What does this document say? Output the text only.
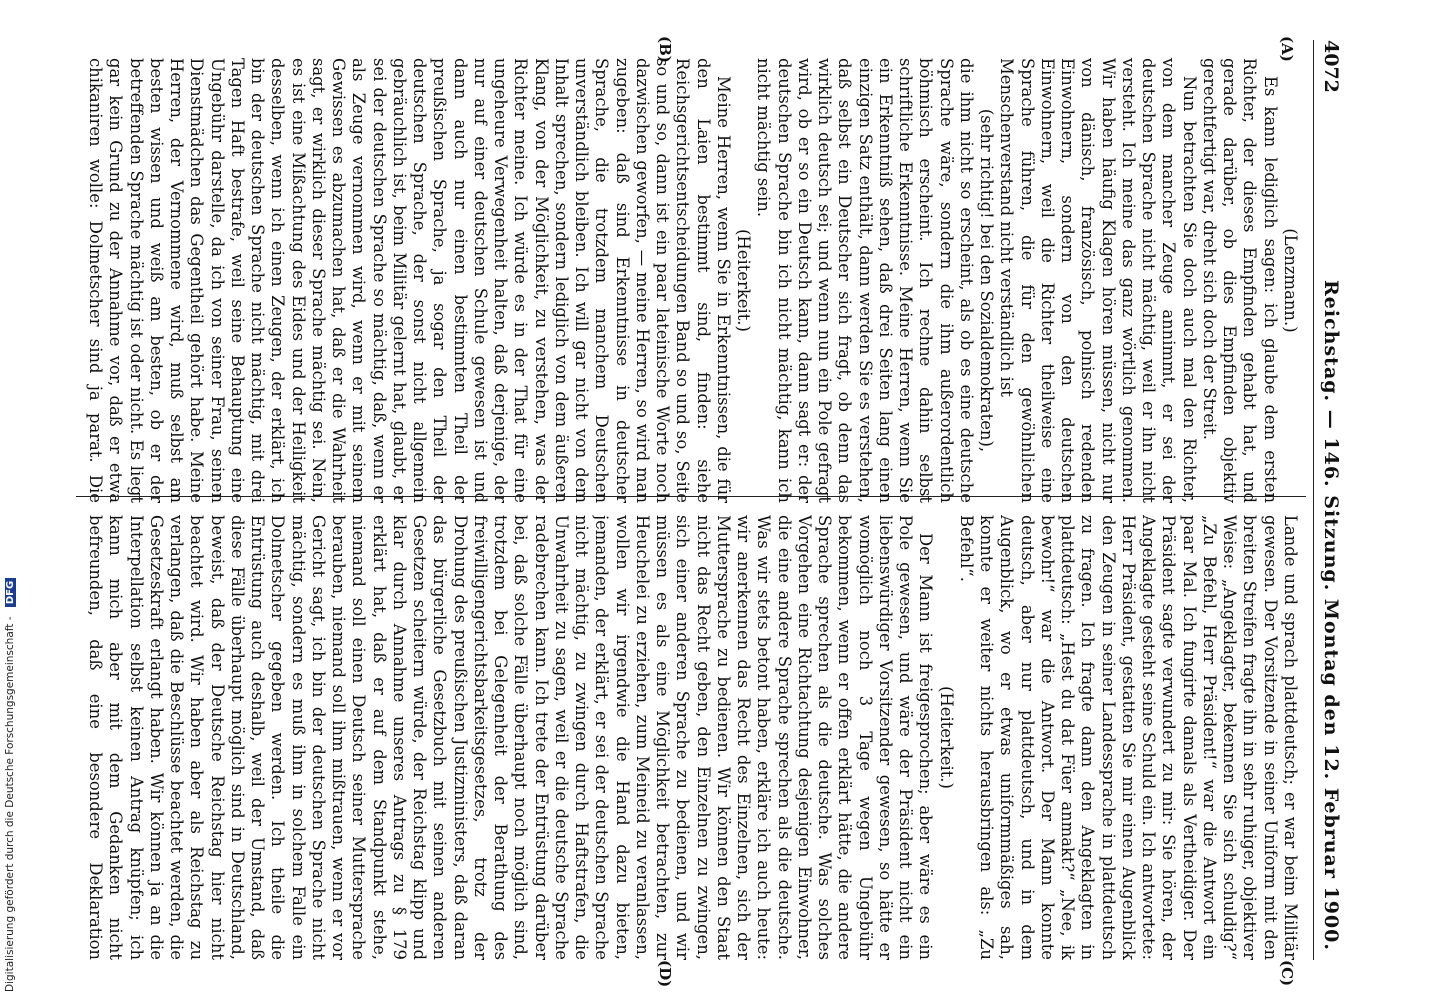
4072
Reichstag. — 146. Sitzung. Montag den 12. Februar 1900.
(A)
(B)
(C)
(D)

(Lenzmann.)

Es kann lediglich sagen: ich glaube dem ersten Richter, der dieses Empfinden gehabt hat, und gerade darüber, ob dies Empfinden objektiv gerechtfertigt war, dreht sich doch der Streit.

Nun betrachten Sie doch auch mal den Richter, von dem mancher Zeuge annimmt, er sei der deutschen Sprache nicht mächtig, weil er ihn nicht versteht. Ich meine das ganz wörtlich genommen. Wir haben häufig Klagen hören müssen, nicht nur von dänisch, französisch, polnisch redenden Einwohnern, sondern von den deutschen Einwohnern, weil die Richter theilweise eine Sprache führen, die für den gewöhnlichen Menschenverstand nicht verständlich ist

(sehr richtig! bei den Sozialdemokraten),

die ihm nicht so erscheint, als ob es eine deutsche Sprache wäre, sondern die ihm außerordentlich böhmisch erscheint. Ich rechne dahin selbst schriftliche Erkenntnisse. Meine Herren, wenn Sie ein Erkenntniß sehen, daß drei Seiten lang einen einzigen Satz enthält, dann werden Sie es verstehen, daß selbst ein Deutscher sich fragt, ob denn das wirklich deutsch sei; und wenn nun ein Pole gefragt wird, ob er so ein Deutsch kann, dann sagt er: der deutschen Sprache bin ich nicht mächtig, kann ich nicht mächtig sein.

(Heiterkeit.)

Meine Herren, wenn Sie in Erkenntnissen, die für den Laien bestimmt sind, finden: siehe Reichsgerichtsentscheidungen Band so und so, Seite so und so, dann ist ein paar lateinische Worte noch dazwischen geworfen, — meine Herren, so wird man zugeben: daß sind Erkenntnisse in deutscher Sprache, die trotzdem manchem Deutschen unverständlich bleiben. Ich will gar nicht von dem Inhalt sprechen, sondern lediglich von dem äußeren Klang, von der Möglichkeit, zu verstehen, was der Richter meine. Ich würde es in der That für eine ungeheure Verwegenheit halten, daß derjenige, der nur auf einer deutschen Schule gewesen ist und dann auch nur einen bestimmten Theil der preußischen Sprache, ja sogar den Theil der deutschen Sprache, der sonst nicht allgemein gebräuchlich ist, beim Militär gelernt hat, glaubt, er sei der deutschen Sprache so mächtig, daß, wenn er als Zeuge vernommen wird, wenn er mit seinem Gewissen es abzumachen hat, daß er die Wahrheit sagt, er wirklich dieser Sprache mächtig sei. Nein, es ist eine Mißachtung des Eides und der Heiligkeit desselben, wenn ich einen Zeugen, der erklärt, ich bin der deutschen Sprache nicht mächtig, mit drei Tagen Haft bestrafe, weil seine Behauptung eine Ungebühr darstelle, da ich von seiner Frau, seinen Dienstmädchen das Gegentheil gehört habe. Meine Herren, der Vernommene wird, muß selbst am besten wissen und weiß am besten, ob er der betreffenden Sprache mächtig ist oder nicht. Es liegt gar kein Grund zu der Annahme vor, daß er etwa chikaniren wolle: Dolmetscher sind ja parat. Die

Lande und sprach plattdeutsch; er war beim Militär gewesen. Der Vorsitzende in seiner Uniform mit den breiten Streifen fragte ihn in sehr ruhiger, objektiver Weise: „Angeklagter, bekennen Sie sich schuldig?“ „Zu Befehl, Herr Präsident!“ war die Antwort ein paar Mal. Ich fungirte damals als Vertheidiger. Der Präsident sagte verwundert zu mir: Sie hören, der Angeklagte gesteht seine Schuld ein. Ich antwortete: Herr Präsident, gestatten Sie mir einen Augenblick den Zeugen in seiner Landessprache in plattdeutsch zu fragen. Ich fragte dann den Angeklagten in plattdeutsch: „Hest du dat Füer anmakt?“ „Nee, ik bewohr!“ war die Antwort. Der Mann konnte deutsch, aber nur plattdeutsch, und in dem Augenblick, wo er etwas uniformmäßiges sah, konnte er weiter nichts herausbringen als: „Zu Befehl“.

(Heiterkeit.)

Der Mann ist freigesprochen; aber wäre es ein Pole gewesen, und wäre der Präsident nicht ein liebenswürdiger Vorsitzender gewesen, so hätte er womöglich noch 3 Tage wegen Ungebühr bekommen, wenn er offen erklärt hätte, die andere Sprache sprechen als die deutsche. Was solches Vorgehen eine Richtachtung desjenigen Einwohner, die eine andere Sprache sprechen als die deutsche. Was wir stets betont haben, erkläre ich auch heute: wir anerkennen das Recht des Einzelnen, sich der Muttersprache zu bedienen. Wir können den Staat nicht das Recht geben, den Einzelnen zu zwingen, sich einer anderen Sprache zu bedienen, und wir müssen es als eine Möglichkeit betrachten, zur Heuchelei zu erziehen, zum Meineid zu veranlassen, wollen wir irgendwie die Hand dazu bieten, jemanden, der erklärt, er sei der deutschen Sprache nicht mächtig, zu zwingen durch Haftstrafen, die Unwahrheit zu sagen, weil er die deutsche Sprache radebrechen kann. Ich trete der Entrüstung darüber bei, daß solche Fälle überhaupt noch möglich sind, trotzdem bei Gelegenheit der Berathung des freiwilligengerichtsbarkeitsgesetzes, trotz der Drohung des preußischen Justizministers, daß daran das bürgerliche Gesetzbuch mit seinen anderen Gesetzen scheitern würde, der Reichstag klipp und klar durch Annahme unseres Antrags zu § 179 erklärt hat, daß er auf dem Standpunkt stehe, niemand soll einen Deutsch seiner Muttersprache berauben, niemand soll ihm mißtrauen, wenn er vor Gericht sagt, ich bin der deutschen Sprache nicht mächtig, sondern es muß ihm in solchem Falle ein Dolmetscher gegeben werden. Ich theile die Entrüstung auch deshalb, weil der Umstand, daß diese Fälle überhaupt möglich sind in Deutschland, beweist, daß der Deutsche Reichstag hier nicht beachtet wird. Wir haben aber als Reichstag zu verlangen, daß die Beschlüsse beachtet werden, die Gesetzeskraft erlangt haben. Wir können ja an die Interpellation selbst keinen Antrag knüpfen; ich kann mich aber mit dem Gedanken nicht befreunden, daß eine besondere Deklaration

Digitalisierung gefördert durch die Deutsche Forschungsgemeinschaft - DFG
